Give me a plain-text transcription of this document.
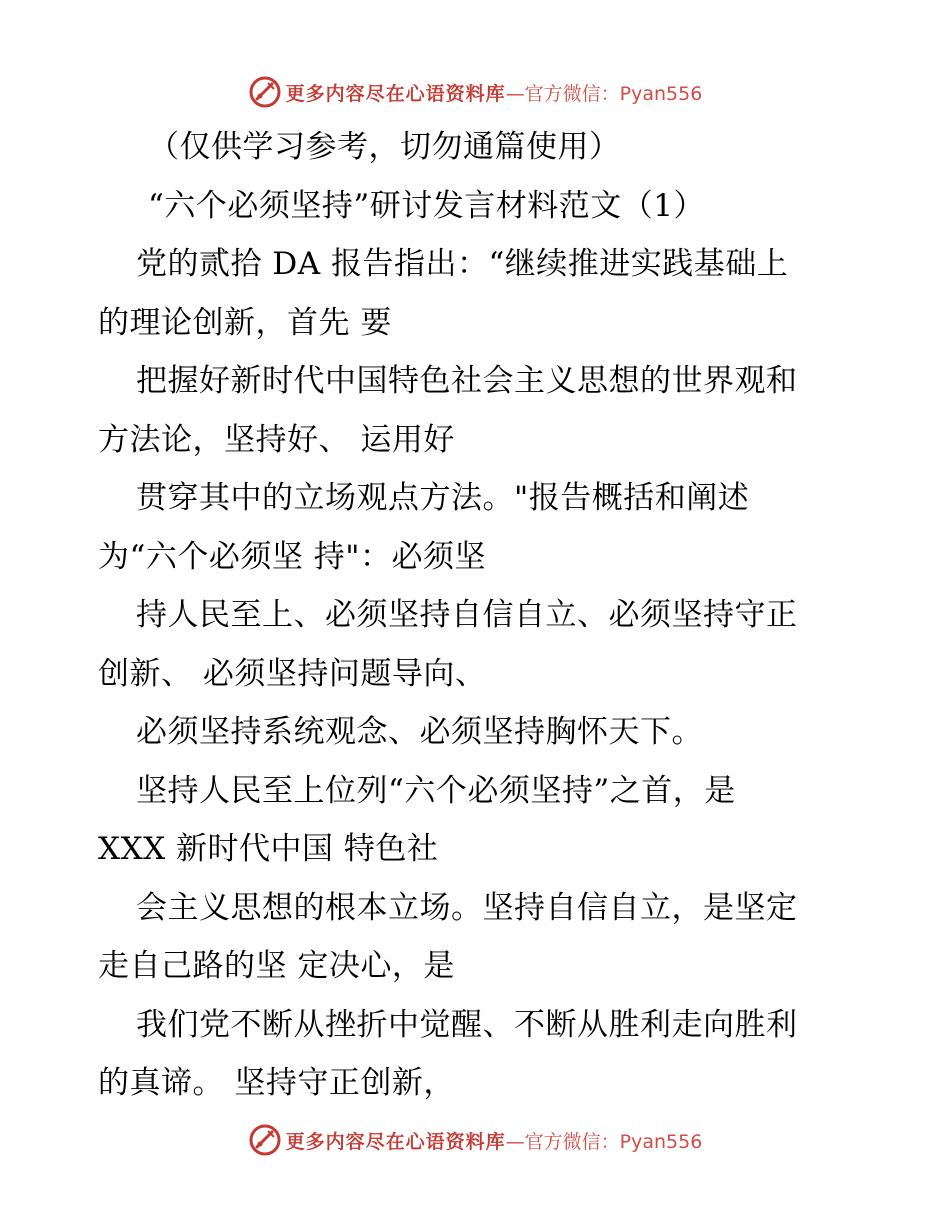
更多内容尽在心语资料库 —官方微信：Pyan556
（仅供学习参考，切勿通篇使用）
“六个必须坚持”研讨发言材料范文（1）
党的贰拾 DA 报告指出：“继续推进实践基础上
的理论创新，首先 要
把握好新时代中国特色社会主义思想的世界观和
方法论，坚持好、 运用好
贯穿其中的立场观点方法。"报告概括和阐述
为“六个必须坚 持"：必须坚
持人民至上、必须坚持自信自立、必须坚持守正
创新、 必须坚持问题导向、
必须坚持系统观念、必须坚持胸怀天下。
坚持人民至上位列“六个必须坚持”之首，是
XXX 新时代中国 特色社
会主义思想的根本立场。坚持自信自立，是坚定
走自己路的坚 定决心，是
我们党不断从挫折中觉醒、不断从胜利走向胜利
的真谛。 坚持守正创新，
更多内容尽在心语资料库 —官方微信：Pyan556
